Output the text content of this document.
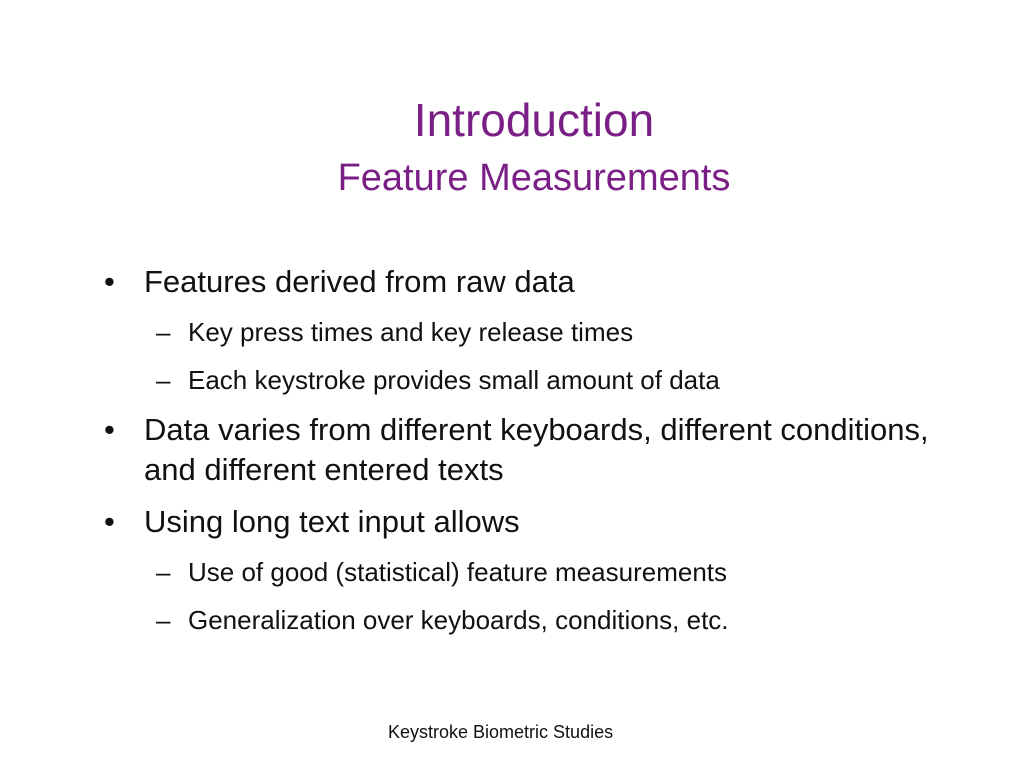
Introduction
Feature Measurements
• Features derived from raw data
– Key press times and key release times
– Each keystroke provides small amount of data
• Data varies from different keyboards, different conditions, and different entered texts
• Using long text input allows
– Use of good (statistical) feature measurements
– Generalization over keyboards, conditions, etc.
Keystroke Biometric Studies
